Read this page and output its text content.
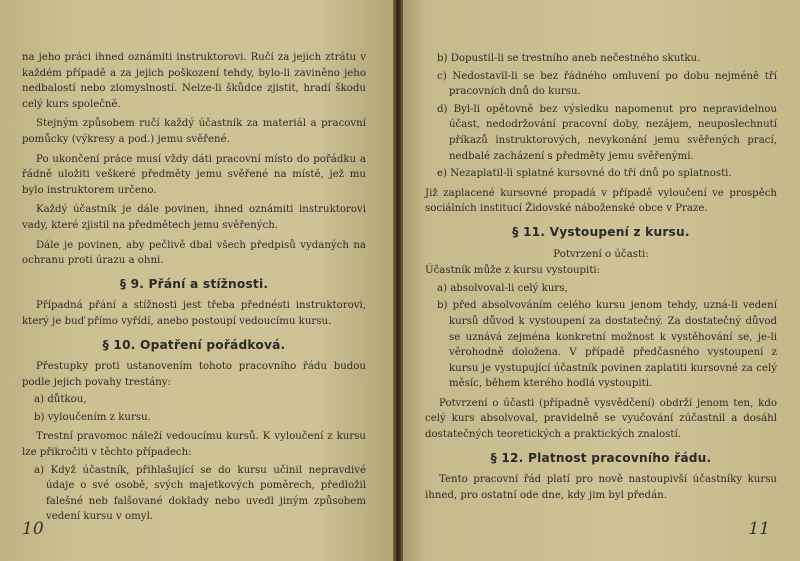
na jeho práci ihned oznámiti instruktorovi. Ručí za jejich ztrátu v každém případě a za jejich poškození tehdy, bylo-li zaviněno jeho nedbalostí nebo zlomyslností. Nelze-li škůdce zjistit, hradí škodu celý kurs společně.

Stejným způsobem ručí každý účastník za materiál a pracovní pomůcky (výkresy a pod.) jemu svěřené.

Po ukončení práce musí vždy dáti pracovní místo do pořádku a řádně uložiti veškeré předměty jemu svěřené na místě, jež mu bylo instruktorem určeno.

Každý účastník je dále povinen, ihned oznámiti instruktorovi vady, které zjistil na předmětech jemu svěřených.

Dále je povinen, aby pečlivě dbal všech předpisů vydaných na ochranu proti úrazu a ohni.

§ 9. Přání a stížnosti.

Případná přání a stížnosti jest třeba přednésti instruktorovi, který je buď přímo vyřídí, anebo postoupí vedoucímu kursu.

§ 10. Opatření pořádková.

Přestupky proti ustanovením tohoto pracovního řádu budou podle jejich povahy trestány:

a) důtkou,

b) vyloučením z kursu.

Trestní pravomoc náleží vedoucímu kursů. K vyloučení z kursu lze přikročiti v těchto případech:

a) Když účastník, přihlašující se do kursu učinil nepravdivé údaje o své osobě, svých majetkových poměrech, předložil falešné neb falšované doklady nebo uvedl jiným způsobem vedení kursu v omyl.

10

b) Dopustil-li se trestního aneb nečestného skutku.

c) Nedostavil-li se bez řádného omluvení po dobu nejméně tří pracovních dnů do kursu.

d) Byl-li opětovně bez výsledku napomenut pro nepravidelnou účast, nedodržování pracovní doby, nezájem, neuposlechnutí příkazů instruktorových, nevykonání jemu svěřených prací, nedbalé zacházení s předměty jemu svěřenými.

e) Nezaplatil-li splatné kursovné do tří dnů po splatnosti.

Již zaplacené kursovné propadá v případě vyloučení ve prospěch sociálních institucí Židovské náboženské obce v Praze.

§ 11. Vystoupení z kursu.

Potvrzení o účasti:

Účastník může z kursu vystoupiti:

a) absolvoval-li celý kurs,

b) před absolvováním celého kursu jenom tehdy, uzná-li vedení kursů důvod k vystoupení za dostatečný. Za dostatečný důvod se uznává zejména konkretní možnost k vystěhování se, je-li věrohodně doložena. V případě předčasného vystoupení z kursu je vystupující účastník povinen zaplatiti kursovné za celý měsíc, během kterého hodlá vystoupiti.

Potvrzení o účasti (případně vysvědčení) obdrží jenom ten, kdo celý kurs absolvoval, pravidelně se vyučování zúčastnil a dosáhl dostatečných teoretických a praktických znalostí.

§ 12. Platnost pracovního řádu.

Tento pracovní řád platí pro nově nastoupivší účastníky kursu ihned, pro ostatní ode dne, kdy jim byl předán.

11
